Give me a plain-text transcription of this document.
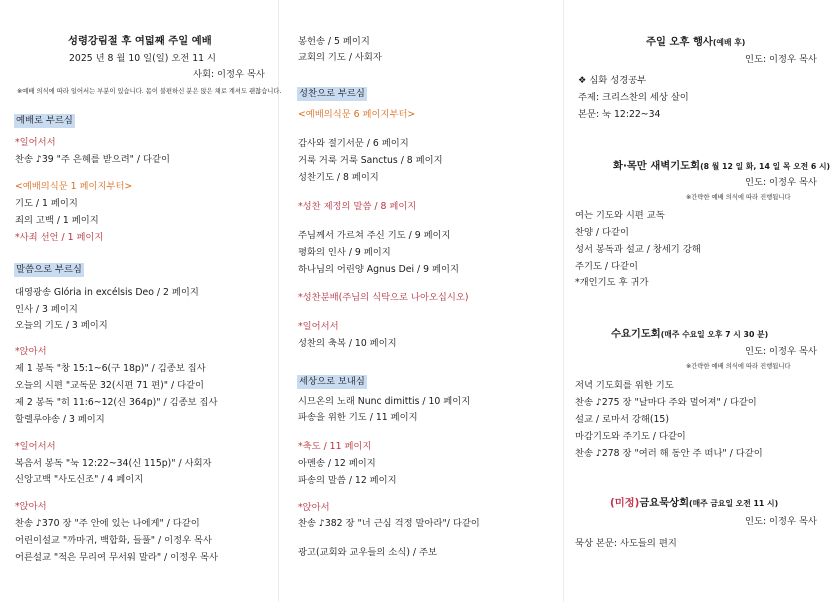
성령강림절 후 여덟째 주일 예배
2025 년 8 월 10 일(일) 오전 11 시
사회: 이정우 목사
※예배 의식에 따라 일어서는 부분이 있습니다. 몸이 불편하신 분은 앉은 채로 계셔도 괜찮습니다.
예배로 부르심
*일어서서
찬송 ♪39 "주 은혜를 받으려" / 다같이
<예배의식문 1 페이지부터>
기도 / 1 페이지
죄의 고백 / 1 페이지
*사죄 선언 / 1 페이지
말씀으로 부르심
대영광송 Glória in excélsis Deo / 2 페이지
인사 / 3 페이지
오늘의 기도 / 3 페이지
*앉아서
제 1 봉독 "창 15:1~6(구 18p)" / 김종보 집사
오늘의 시편 "교독문 32(시편 71 편)" / 다같이
제 2 봉독 "히 11:6~12(신 364p)" / 김종보 집사
할렐루야송 / 3 페이지
*일어서서
복음서 봉독 "눅 12:22~34(신 115p)" / 사회자
신앙고백 "사도신조" / 4 페이지
*앉아서
찬송 ♪370 장 "주 안에 있는 나에게" / 다같이
어린이설교 "까마귀, 백합화, 들풀" / 이정우 목사
어른설교 "적은 무리여 무서워 말라" / 이정우 목사
봉헌송 / 5 페이지
교회의 기도 / 사회자
성찬으로 부르심
<예배의식문 6 페이지부터>
감사와 절기서문 / 6 페이지
거룩 거룩 거룩 Sanctus / 8 페이지
성찬기도 / 8 페이지
*성찬 제정의 말씀 / 8 페이지
주님께서 가르쳐 주신 기도 / 9 페이지
평화의 인사 / 9 페이지
하나님의 어린양 Agnus Dei / 9 페이지
*성찬분배(주님의 식탁으로 나아오십시오)
*일어서서
성찬의 축복 / 10 페이지
세상으로 보내심
시므온의 노래 Nunc dimittis / 10 페이지
파송을 위한 기도 / 11 페이지
*축도 / 11 페이지
아멘송 / 12 페이지
파송의 말씀 / 12 페이지
*앉아서
찬송 ♪382 장 "너 근심 걱정 말아라"/ 다같이
광고(교회와 교우들의 소식) / 주보
주일 오후 행사(예배 후)
인도: 이정우 목사
❖ 심화 성경공부
주제: 크리스찬의 세상 살이
본문: 눅 12:22~34
화·목만 새벽기도회(8 월 12 일 화, 14 일 목 오전 6 시)
인도: 이정우 목사
※간략한 예배 의식에 따라 진행됩니다
여는 기도와 시편 교독
찬양 / 다같이
성서 봉독과 설교 / 창세기 강해
주기도 / 다같이
*개인기도 후 귀가
수요기도회(매주 수요일 오후 7 시 30 분)
인도: 이정우 목사
※간략한 예배 의식에 따라 진행됩니다
저녁 기도회를 위한 기도
찬송 ♪275 장 "날마다 주와 멀어져" / 다같이
설교 / 로마서 강해(15)
마감기도와 주기도 / 다같이
찬송 ♪278 장 "여러 해 동안 주 떠나" / 다같이
(미정)금요묵상회(매주 금요일 오전 11 시)
인도: 이정우 목사
묵상 본문: 사도들의 편지
